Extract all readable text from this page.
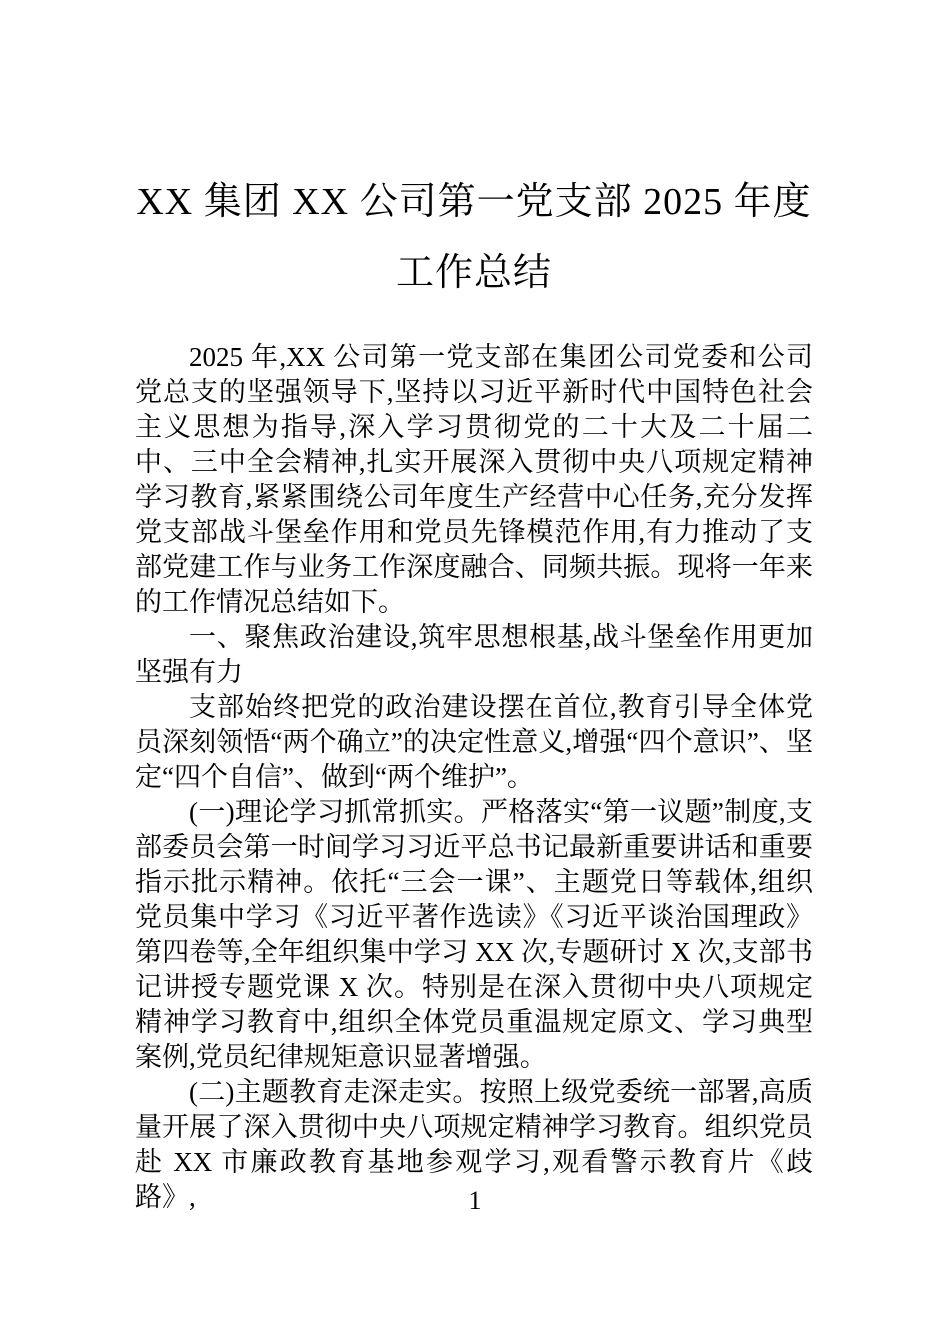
XX 集团 XX 公司第一党支部 2025 年度工作总结

2025 年,XX 公司第一党支部在集团公司党委和公司党总支的坚强领导下,坚持以习近平新时代中国特色社会主义思想为指导,深入学习贯彻党的二十大及二十届二中、三中全会精神,扎实开展深入贯彻中央八项规定精神学习教育,紧紧围绕公司年度生产经营中心任务,充分发挥党支部战斗堡垒作用和党员先锋模范作用,有力推动了支部党建工作与业务工作深度融合、同频共振。现将一年来的工作情况总结如下。

一、聚焦政治建设,筑牢思想根基,战斗堡垒作用更加坚强有力

支部始终把党的政治建设摆在首位,教育引导全体党员深刻领悟“两个确立”的决定性意义,增强“四个意识”、坚定“四个自信”、做到“两个维护”。

(一)理论学习抓常抓实。严格落实“第一议题”制度,支部委员会第一时间学习习近平总书记最新重要讲话和重要指示批示精神。依托“三会一课”、主题党日等载体,组织党员集中学习《习近平著作选读》《习近平谈治国理政》第四卷等,全年组织集中学习 XX 次,专题研讨 X 次,支部书记讲授专题党课 X 次。特别是在深入贯彻中央八项规定精神学习教育中,组织全体党员重温规定原文、学习典型案例,党员纪律规矩意识显著增强。

(二)主题教育走深走实。按照上级党委统一部署,高质量开展了深入贯彻中央八项规定精神学习教育。组织党员赴 XX 市廉政教育基地参观学习,观看警示教育片《歧路》,	1
